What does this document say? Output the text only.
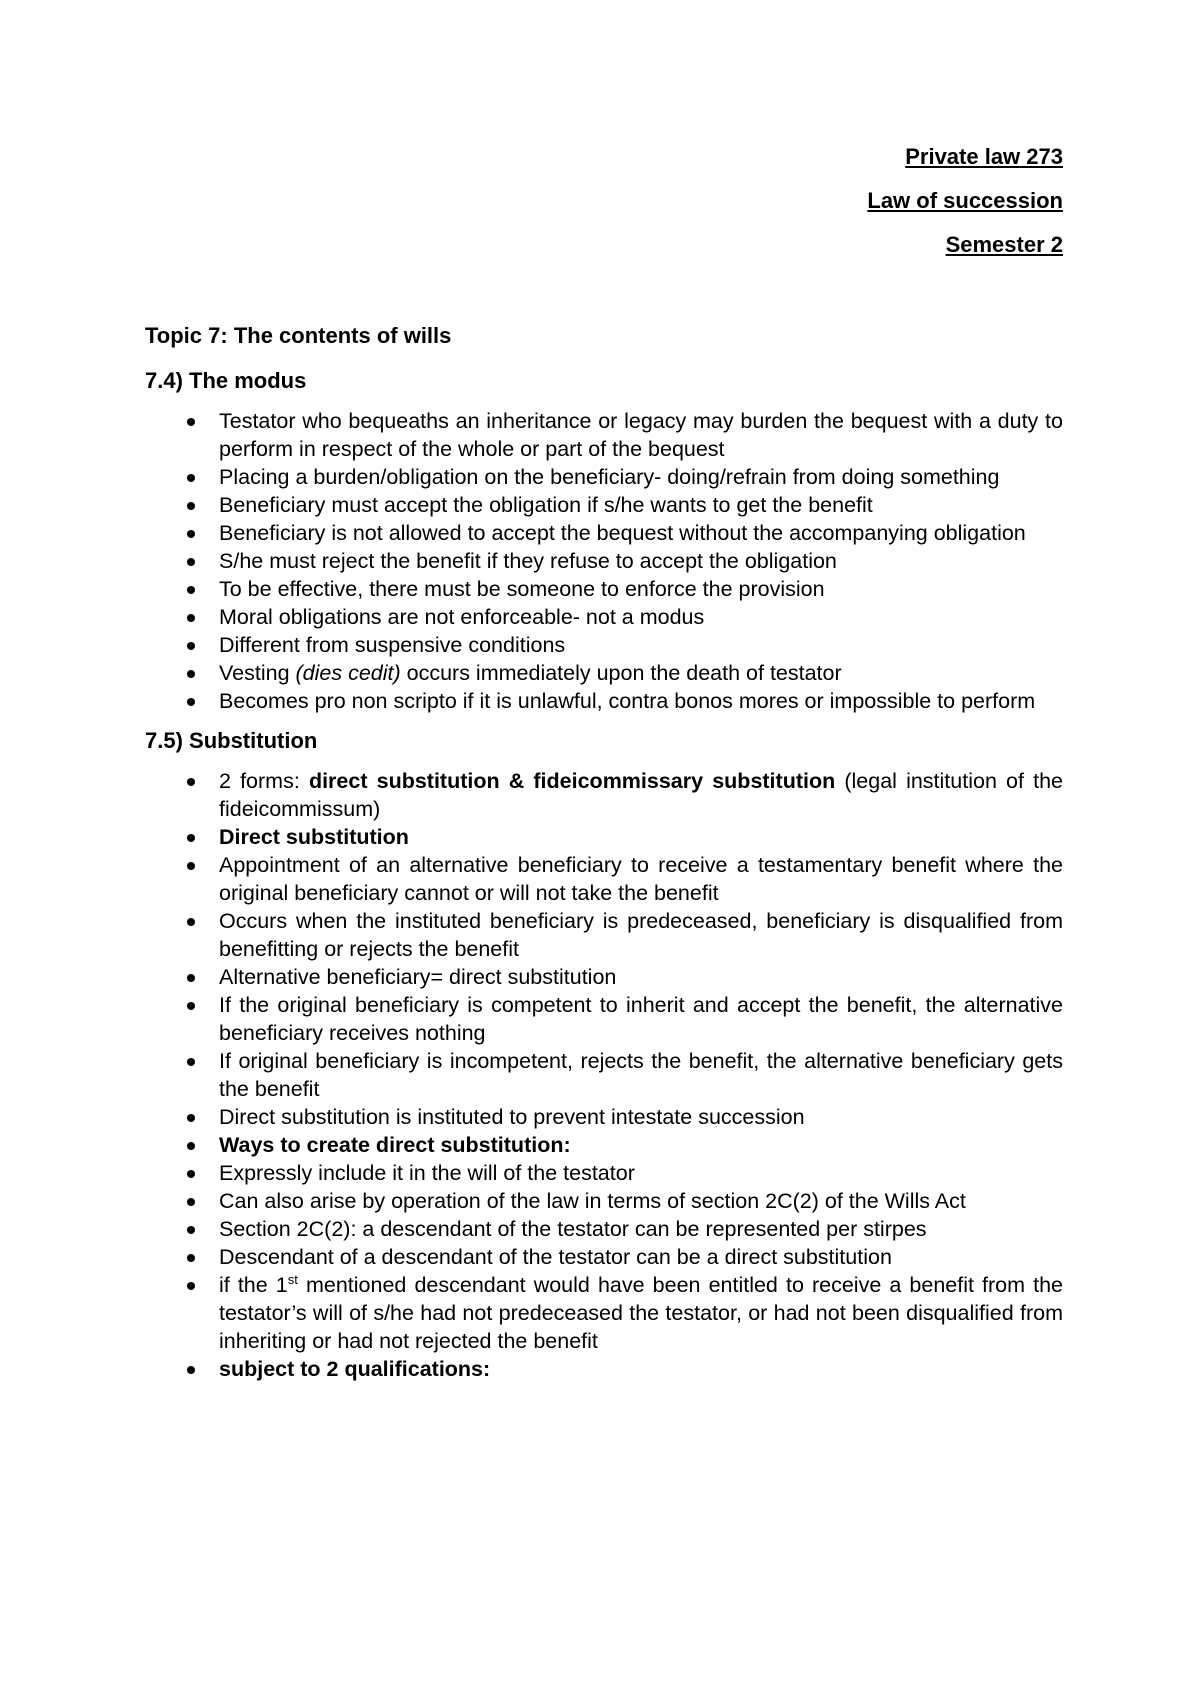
Private law 273
Law of succession
Semester 2

Topic 7: The contents of wills

7.4) The modus

Testator who bequeaths an inheritance or legacy may burden the bequest with a duty to perform in respect of the whole or part of the bequest
Placing a burden/obligation on the beneficiary- doing/refrain from doing something
Beneficiary must accept the obligation if s/he wants to get the benefit
Beneficiary is not allowed to accept the bequest without the accompanying obligation
S/he must reject the benefit if they refuse to accept the obligation
To be effective, there must be someone to enforce the provision
Moral obligations are not enforceable- not a modus
Different from suspensive conditions
Vesting (dies cedit) occurs immediately upon the death of testator
Becomes pro non scripto if it is unlawful, contra bonos mores or impossible to perform

7.5) Substitution

2 forms: direct substitution & fideicommissary substitution (legal institution of the fideicommissum)
Direct substitution
Appointment of an alternative beneficiary to receive a testamentary benefit where the original beneficiary cannot or will not take the benefit
Occurs when the instituted beneficiary is predeceased, beneficiary is disqualified from benefitting or rejects the benefit
Alternative beneficiary= direct substitution
If the original beneficiary is competent to inherit and accept the benefit, the alternative beneficiary receives nothing
If original beneficiary is incompetent, rejects the benefit, the alternative beneficiary gets the benefit
Direct substitution is instituted to prevent intestate succession
Ways to create direct substitution:
Expressly include it in the will of the testator
Can also arise by operation of the law in terms of section 2C(2) of the Wills Act
Section 2C(2): a descendant of the testator can be represented per stirpes
Descendant of a descendant of the testator can be a direct substitution
if the 1st mentioned descendant would have been entitled to receive a benefit from the testator’s will of s/he had not predeceased the testator, or had not been disqualified from inheriting or had not rejected the benefit
subject to 2 qualifications:
